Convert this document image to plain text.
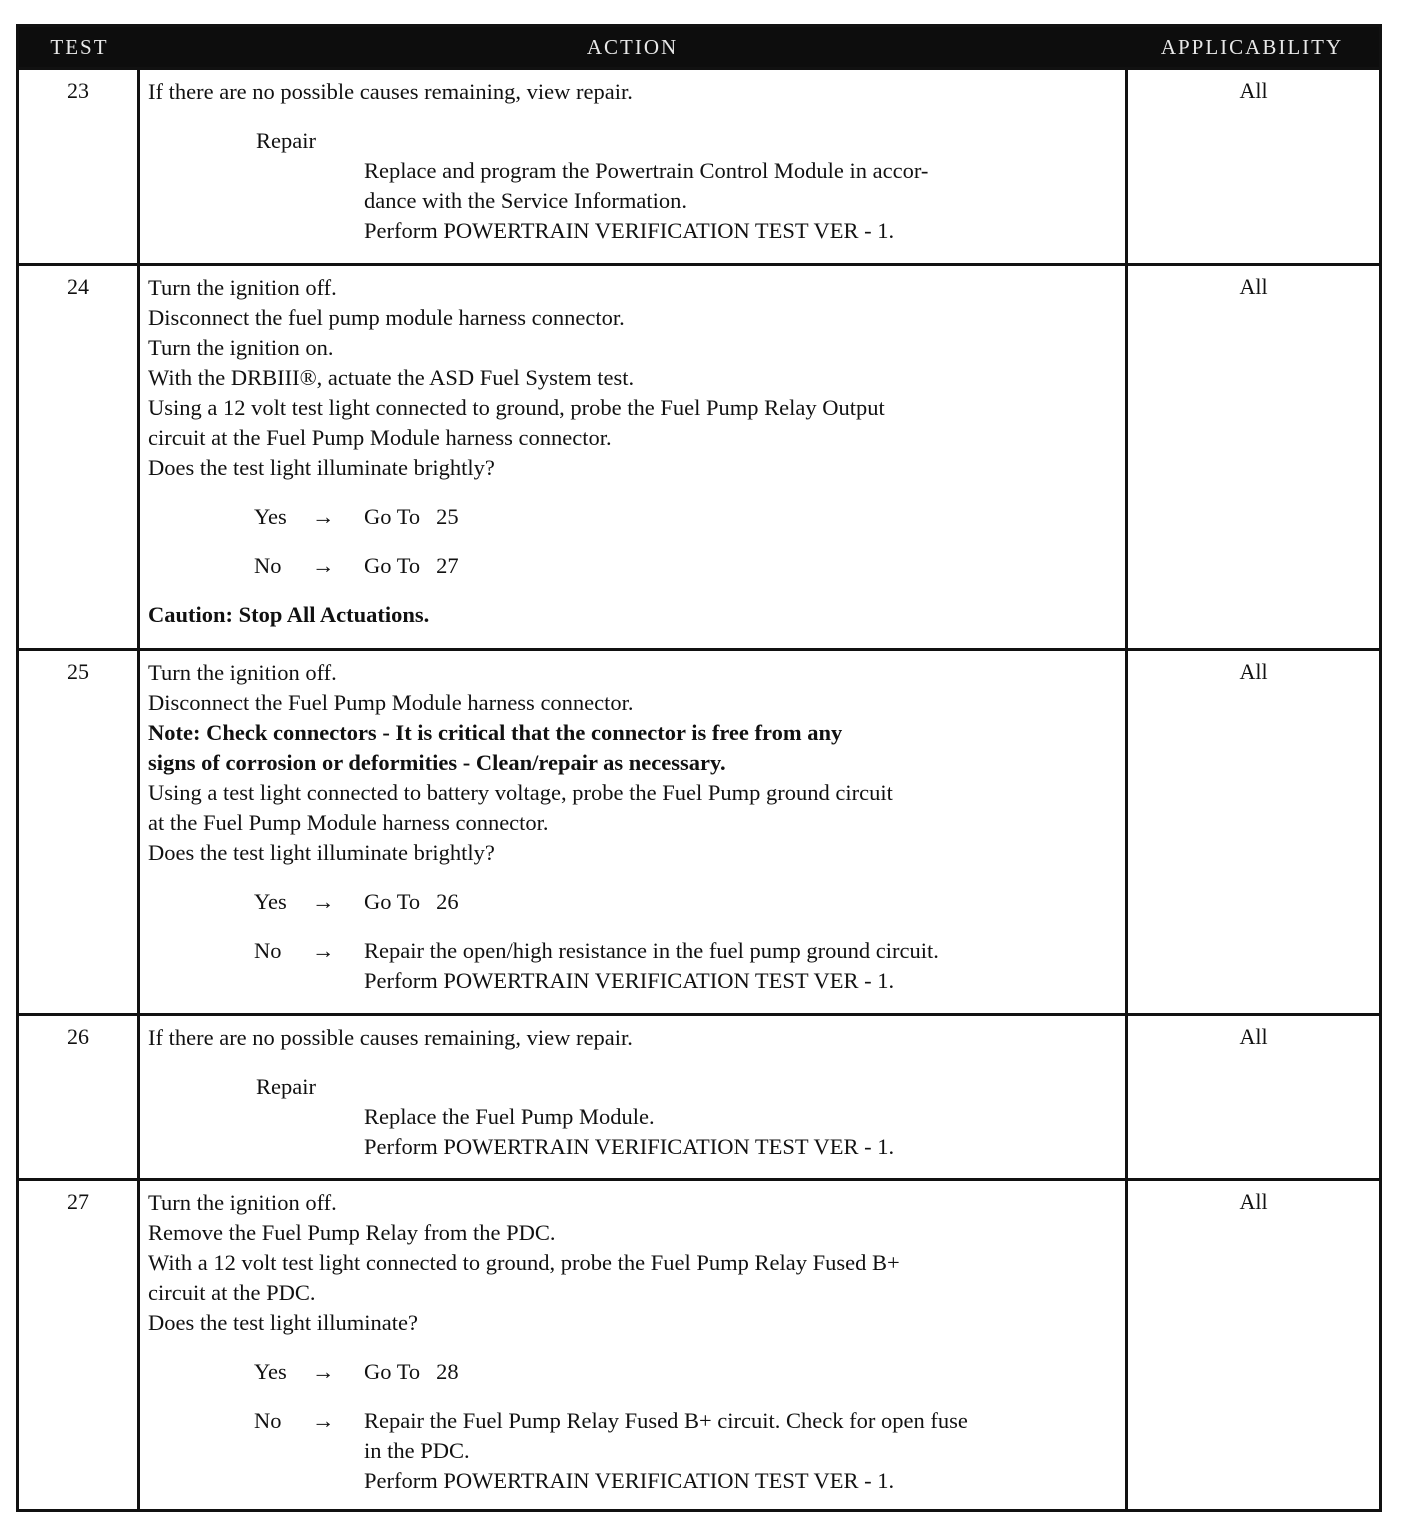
TEST	ACTION	APPLICABILITY
23	If there are no possible causes remaining, view repair.
Repair
Replace and program the Powertrain Control Module in accor-
dance with the Service Information.
Perform POWERTRAIN VERIFICATION TEST VER - 1.
All
24	Turn the ignition off.
Disconnect the fuel pump module harness connector.
Turn the ignition on.
With the DRBIII®, actuate the ASD Fuel System test.
Using a 12 volt test light connected to ground, probe the Fuel Pump Relay Output
circuit at the Fuel Pump Module harness connector.
Does the test light illuminate brightly?
Yes	→	Go To 25
No	→	Go To 27
Caution: Stop All Actuations.
All
25	Turn the ignition off.
Disconnect the Fuel Pump Module harness connector.
Note: Check connectors - It is critical that the connector is free from any
signs of corrosion or deformities - Clean/repair as necessary.
Using a test light connected to battery voltage, probe the Fuel Pump ground circuit
at the Fuel Pump Module harness connector.
Does the test light illuminate brightly?
Yes	→	Go To 26
No	→	Repair the open/high resistance in the fuel pump ground circuit.
Perform POWERTRAIN VERIFICATION TEST VER - 1.
All
26	If there are no possible causes remaining, view repair.
Repair
Replace the Fuel Pump Module.
Perform POWERTRAIN VERIFICATION TEST VER - 1.
All
27	Turn the ignition off.
Remove the Fuel Pump Relay from the PDC.
With a 12 volt test light connected to ground, probe the Fuel Pump Relay Fused B+
circuit at the PDC.
Does the test light illuminate?
Yes	→	Go To 28
No	→	Repair the Fuel Pump Relay Fused B+ circuit. Check for open fuse
in the PDC.
Perform POWERTRAIN VERIFICATION TEST VER - 1.
All
